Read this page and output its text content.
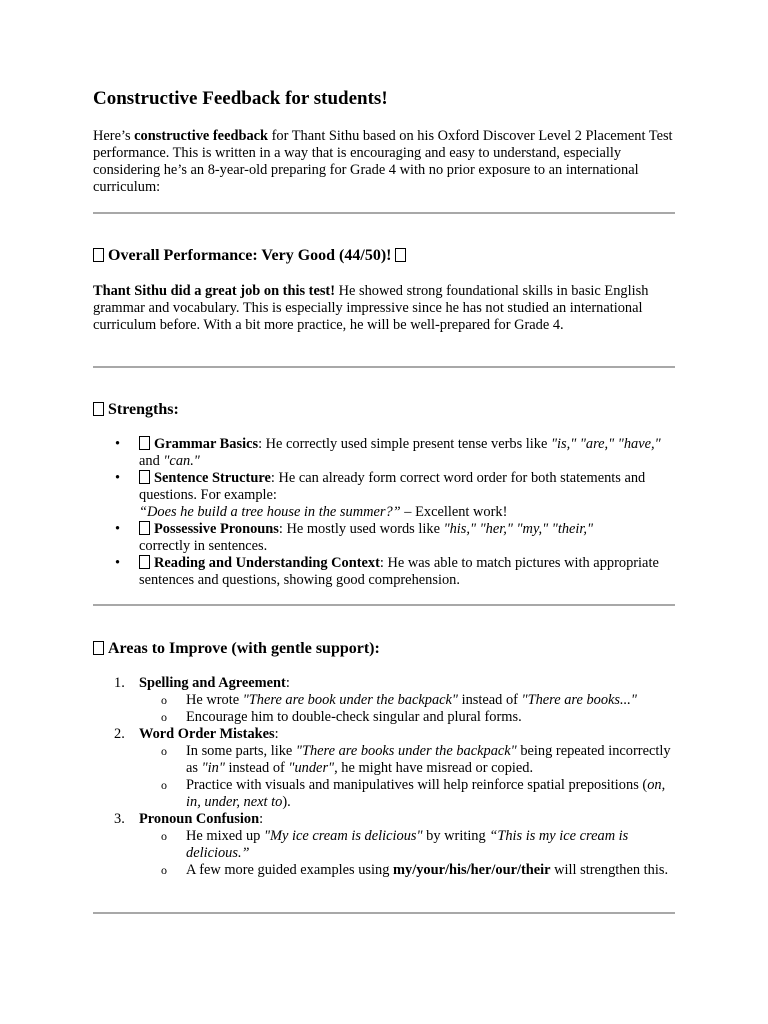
Constructive Feedback for students!

Here’s constructive feedback for Thant Sithu based on his Oxford Discover Level 2 Placement Test performance. This is written in a way that is encouraging and easy to understand, especially considering he’s an 8-year-old preparing for Grade 4 with no prior exposure to an international curriculum:

Overall Performance: Very Good (44/50)!

Thant Sithu did a great job on this test! He showed strong foundational skills in basic English grammar and vocabulary. This is especially impressive since he has not studied an international curriculum before. With a bit more practice, he will be well-prepared for Grade 4.

Strengths:
• Grammar Basics: He correctly used simple present tense verbs like "is," "are," "have," and "can."
• Sentence Structure: He can already form correct word order for both statements and questions. For example:
“Does he build a tree house in the summer?” – Excellent work!
• Possessive Pronouns: He mostly used words like "his," "her," "my," "their,"
correctly in sentences.
• Reading and Understanding Context: He was able to match pictures with appropriate sentences and questions, showing good comprehension.
Areas to Improve (with gentle support):
1. Spelling and Agreement:
o He wrote "There are book under the backpack" instead of "There are books..."
o Encourage him to double-check singular and plural forms.
2. Word Order Mistakes:
o In some parts, like "There are books under the backpack" being repeated incorrectly as "in" instead of "under", he might have misread or copied.
o Practice with visuals and manipulatives will help reinforce spatial prepositions (on, in, under, next to).
3. Pronoun Confusion:
o He mixed up "My ice cream is delicious" by writing “This is my ice cream is delicious.”
o A few more guided examples using my/your/his/her/our/their will strengthen this.
